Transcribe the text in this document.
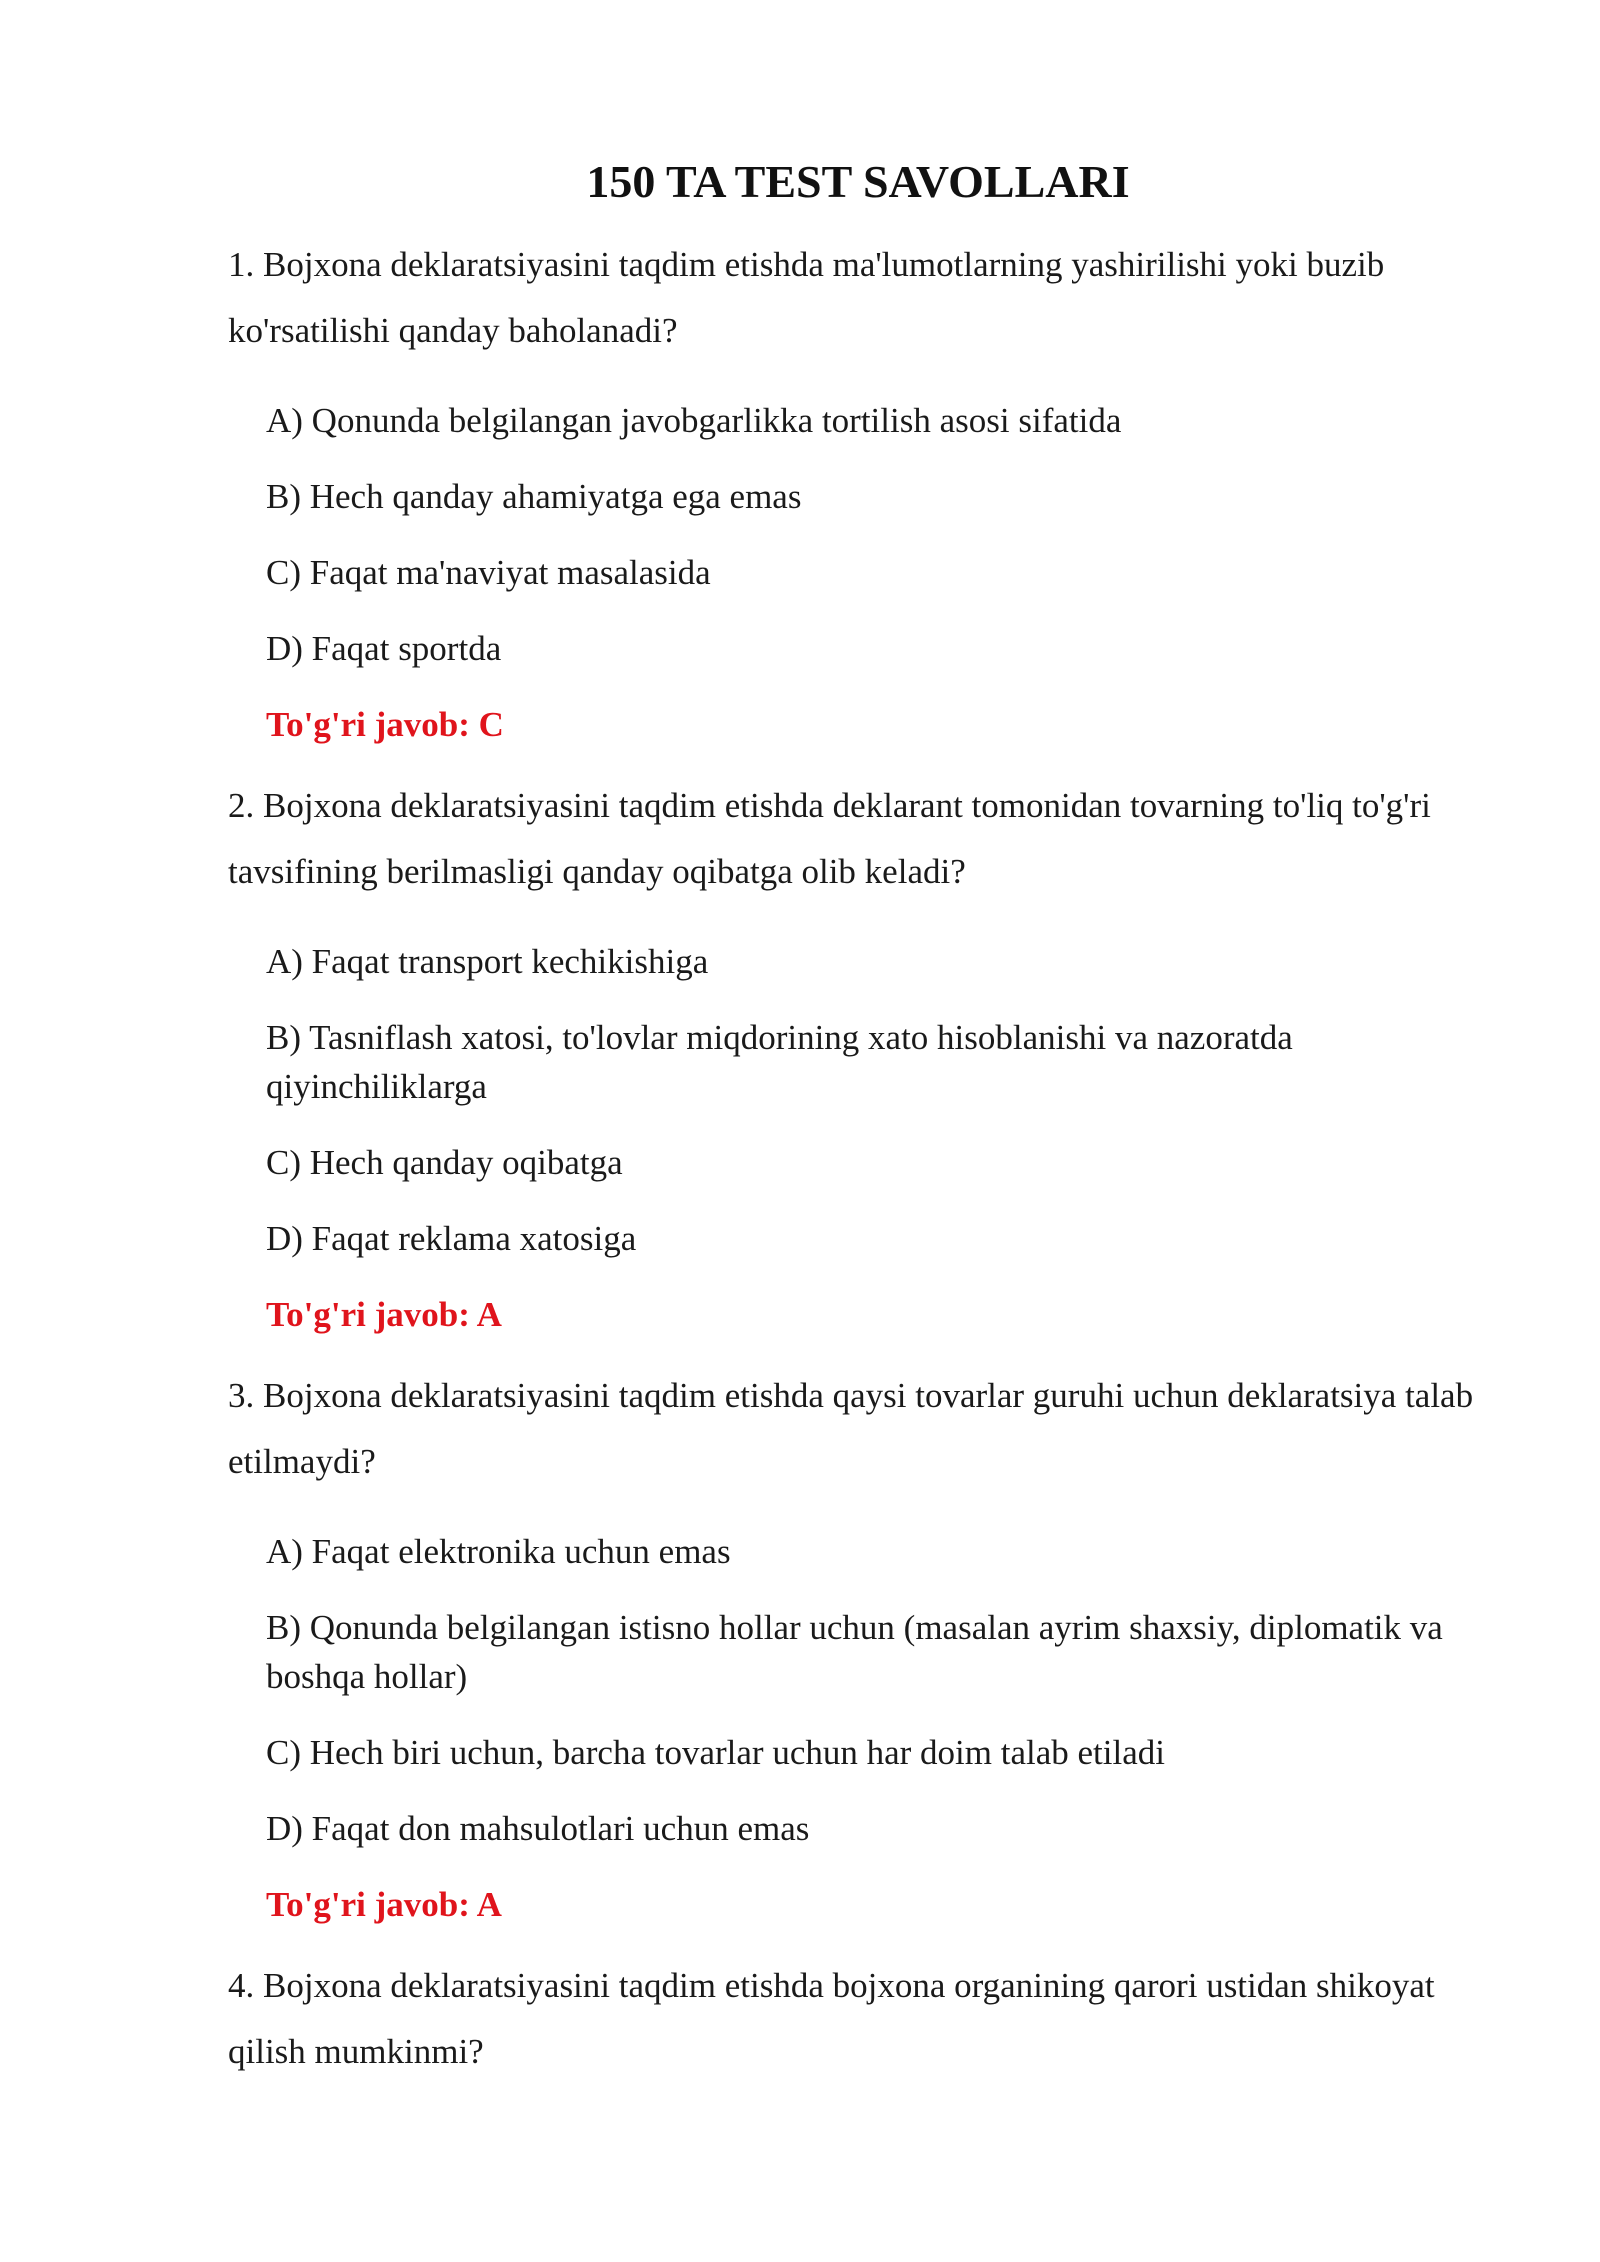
150 TA TEST SAVOLLARI
1. Bojxona deklaratsiyasini taqdim etishda ma'lumotlarning yashirilishi yoki buzib ko'rsatilishi qanday baholanadi?
A) Qonunda belgilangan javobgarlikka tortilish asosi sifatida
B) Hech qanday ahamiyatga ega emas
C) Faqat ma'naviyat masalasida
D) Faqat sportda
To'g'ri javob: C
2. Bojxona deklaratsiyasini taqdim etishda deklarant tomonidan tovarning to'liq to'g'ri tavsifining berilmasligi qanday oqibatga olib keladi?
A) Faqat transport kechikishiga
B) Tasniflash xatosi, to'lovlar miqdorining xato hisoblanishi va nazoratda qiyinchiliklarga
C) Hech qanday oqibatga
D) Faqat reklama xatosiga
To'g'ri javob: A
3. Bojxona deklaratsiyasini taqdim etishda qaysi tovarlar guruhi uchun deklaratsiya talab etilmaydi?
A) Faqat elektronika uchun emas
B) Qonunda belgilangan istisno hollar uchun (masalan ayrim shaxsiy, diplomatik va boshqa hollar)
C) Hech biri uchun, barcha tovarlar uchun har doim talab etiladi
D) Faqat don mahsulotlari uchun emas
To'g'ri javob: A
4. Bojxona deklaratsiyasini taqdim etishda bojxona organining qarori ustidan shikoyat qilish mumkinmi?
